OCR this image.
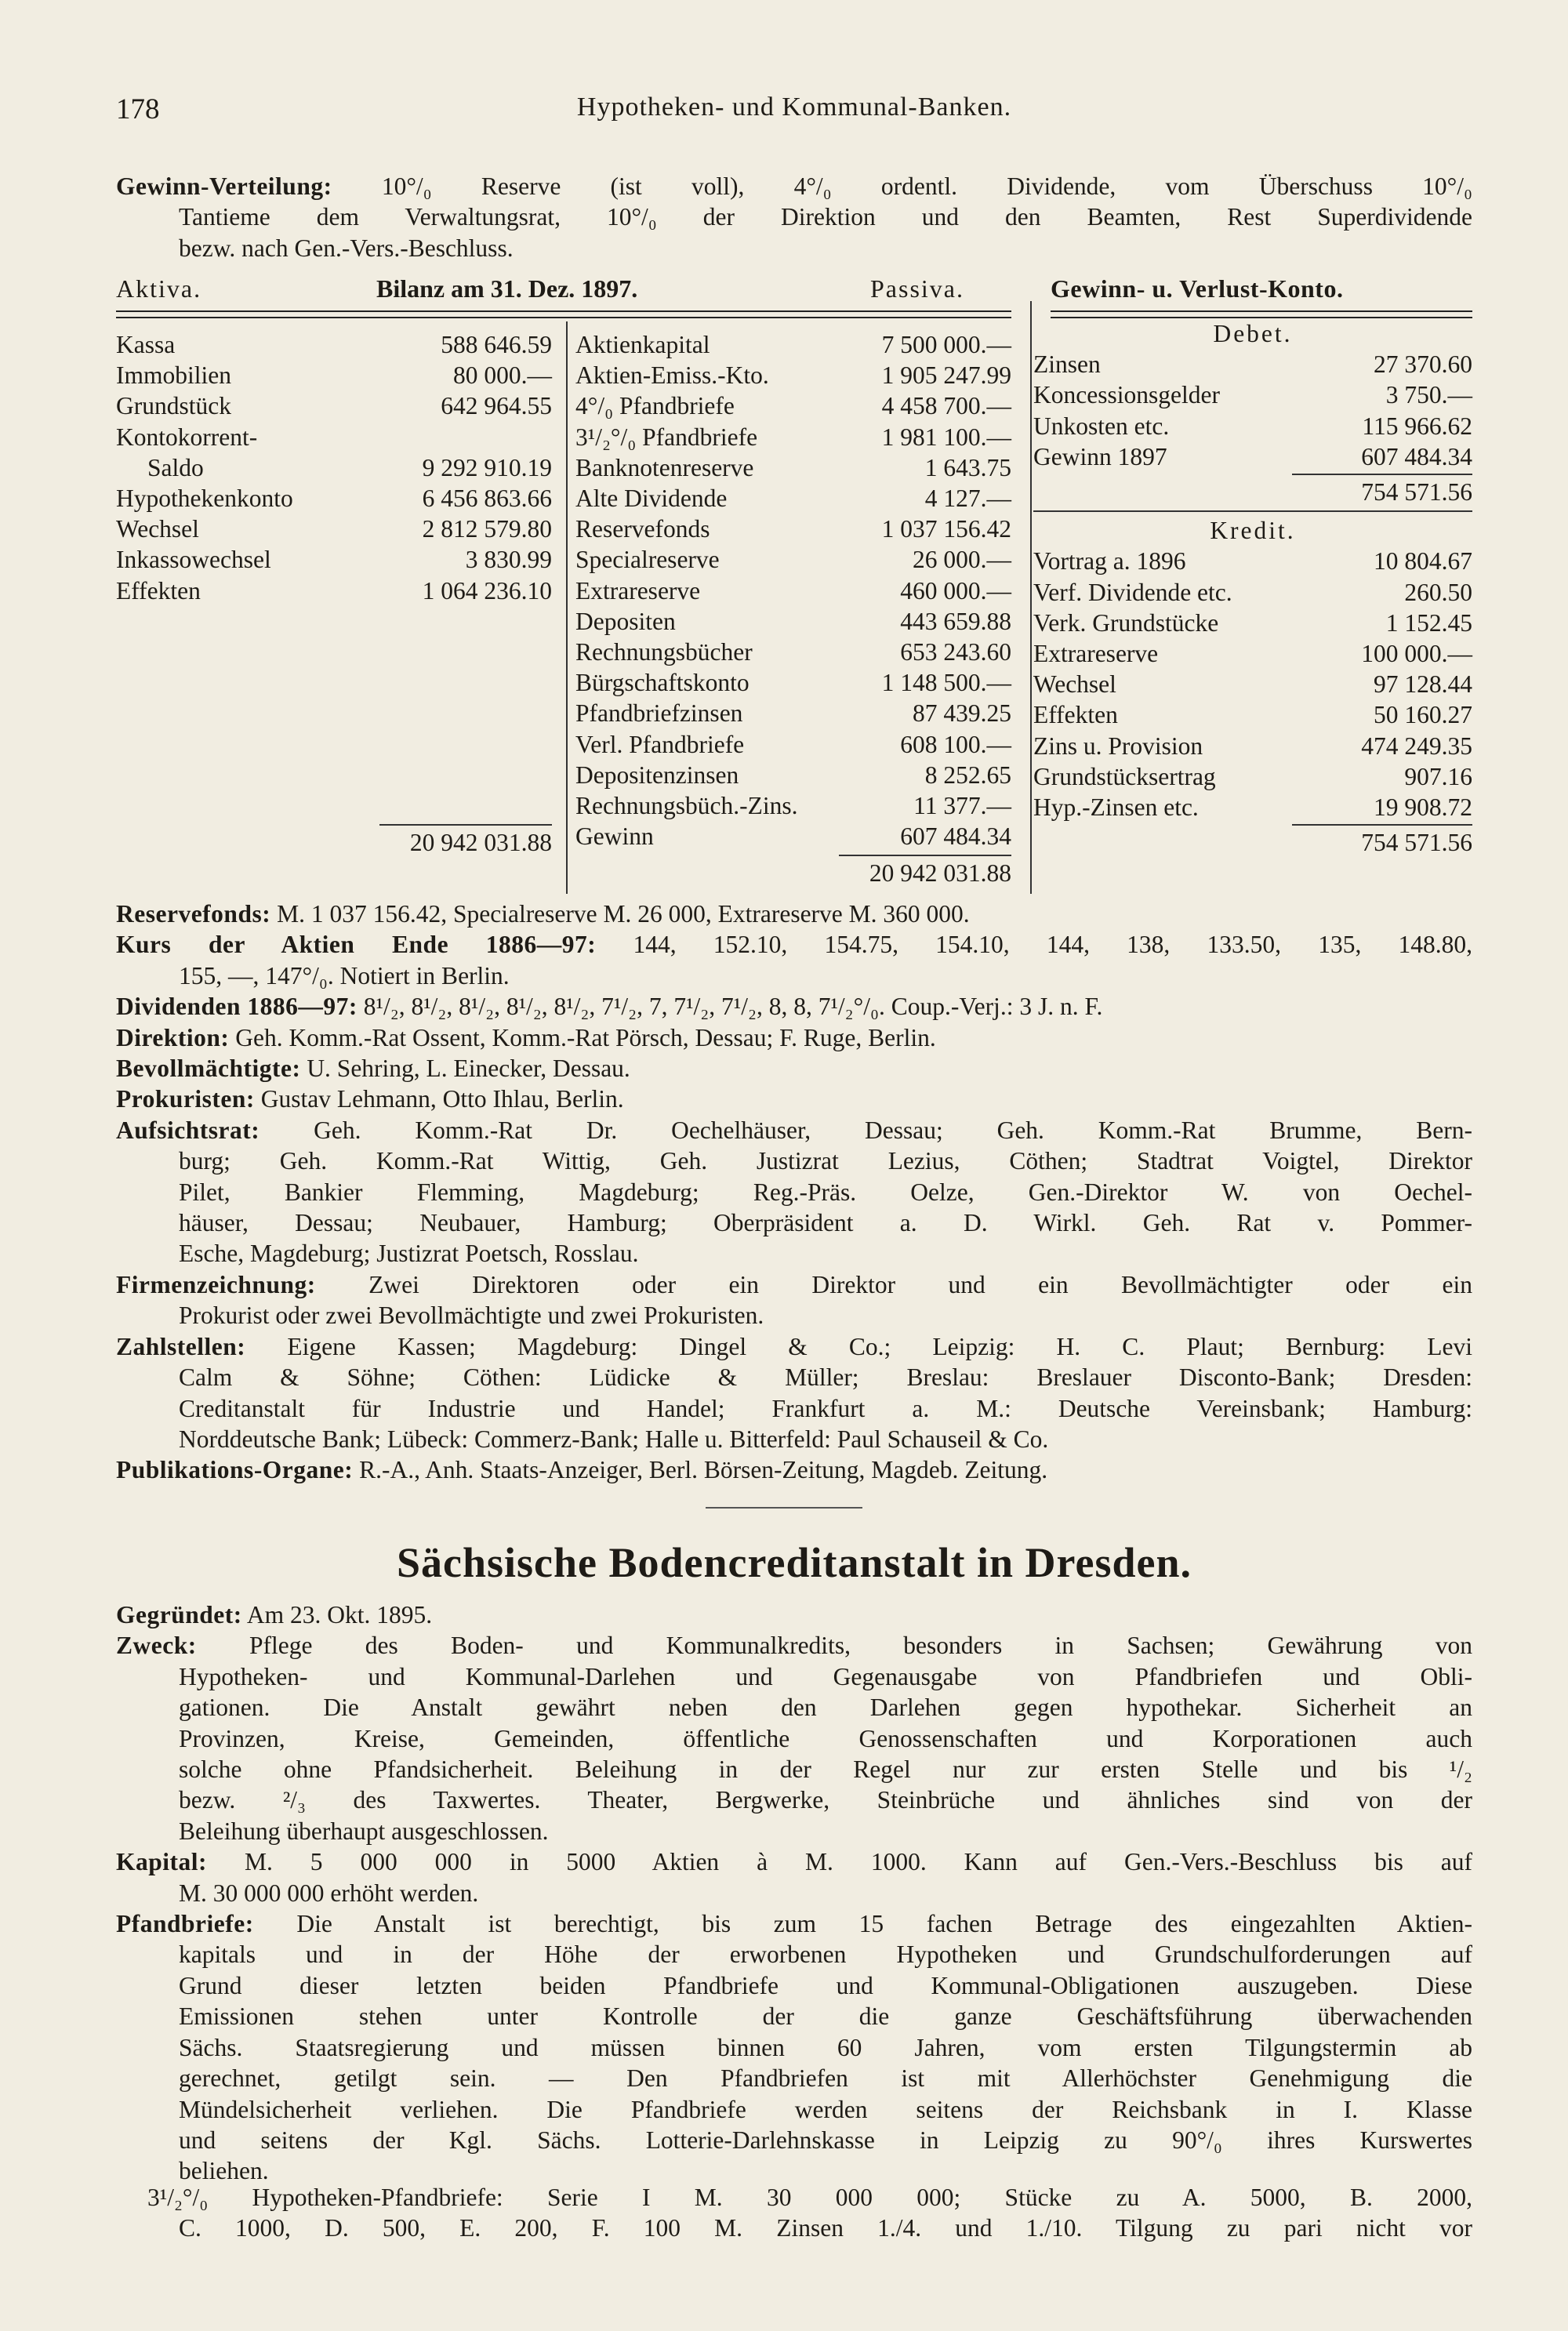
178	Hypotheken- und Kommunal-Banken.
Gewinn-Verteilung: 10°/₀ Reserve (ist voll), 4°/₀ ordentl. Dividende, vom Überschuss 10°/₀
Tantieme dem Verwaltungsrat, 10°/₀ der Direktion und den Beamten, Rest Superdividende
bezw. nach Gen.-Vers.-Beschluss.
Aktiva.	Bilanz am 31. Dez. 1897.	Passiva.	Gewinn- u. Verlust-Konto.
Kassa	588 646.59
Immobilien	80 000.—
Grundstück	642 964.55
Kontokorrent-
Saldo	9 292 910.19
Hypothekenkonto	6 456 863.66
Wechsel	2 812 579.80
Inkassowechsel	3 830.99
Effekten	1 064 236.10
20 942 031.88
Aktienkapital	7 500 000.—
Aktien-Emiss.-Kto.	1 905 247.99
4°/₀ Pfandbriefe	4 458 700.—
3¹/₂°/₀ Pfandbriefe	1 981 100.—
Banknotenreserve	1 643.75
Alte Dividende	4 127.—
Reservefonds	1 037 156.42
Specialreserve	26 000.—
Extrareserve	460 000.—
Depositen	443 659.88
Rechnungsbücher	653 243.60
Bürgschaftskonto	1 148 500.—
Pfandbriefzinsen	87 439.25
Verl. Pfandbriefe	608 100.—
Depositenzinsen	8 252.65
Rechnungsbüch.-Zins.	11 377.—
Gewinn	607 484.34
20 942 031.88
Debet.
Zinsen	27 370.60
Koncessionsgelder	3 750.—
Unkosten etc.	115 966.62
Gewinn 1897	607 484.34
754 571.56
Kredit.
Vortrag a. 1896	10 804.67
Verf. Dividende etc.	260.50
Verk. Grundstücke	1 152.45
Extrareserve	100 000.—
Wechsel	97 128.44
Effekten	50 160.27
Zins u. Provision	474 249.35
Grundstücksertrag	907.16
Hyp.-Zinsen etc.	19 908.72
754 571.56
Reservefonds: M. 1 037 156.42, Specialreserve M. 26 000, Extrareserve M. 360 000.
Kurs der Aktien Ende 1886—97: 144, 152.10, 154.75, 154.10, 144, 138, 133.50, 135, 148.80,
155, —, 147°/₀. Notiert in Berlin.
Dividenden 1886—97: 8¹/₂, 8¹/₂, 8¹/₂, 8¹/₂, 8¹/₂, 7¹/₂, 7, 7¹/₂, 7¹/₂, 8, 8, 7¹/₂°/₀. Coup.-Verj.: 3 J. n. F.
Direktion: Geh. Komm.-Rat Ossent, Komm.-Rat Pörsch, Dessau; F. Ruge, Berlin.
Bevollmächtigte: U. Sehring, L. Einecker, Dessau.
Prokuristen: Gustav Lehmann, Otto Ihlau, Berlin.
Aufsichtsrat: Geh. Komm.-Rat Dr. Oechelhäuser, Dessau; Geh. Komm.-Rat Brumme, Bern-
burg; Geh. Komm.-Rat Wittig, Geh. Justizrat Lezius, Cöthen; Stadtrat Voigtel, Direktor
Pilet, Bankier Flemming, Magdeburg; Reg.-Präs. Oelze, Gen.-Direktor W. von Oechel-
häuser, Dessau; Neubauer, Hamburg; Oberpräsident a. D. Wirkl. Geh. Rat v. Pommer-
Esche, Magdeburg; Justizrat Poetsch, Rosslau.
Firmenzeichnung: Zwei Direktoren oder ein Direktor und ein Bevollmächtigter oder ein
Prokurist oder zwei Bevollmächtigte und zwei Prokuristen.
Zahlstellen: Eigene Kassen; Magdeburg: Dingel & Co.; Leipzig: H. C. Plaut; Bernburg: Levi
Calm & Söhne; Cöthen: Lüdicke & Müller; Breslau: Breslauer Disconto-Bank; Dresden:
Creditanstalt für Industrie und Handel; Frankfurt a. M.: Deutsche Vereinsbank; Hamburg:
Norddeutsche Bank; Lübeck: Commerz-Bank; Halle u. Bitterfeld: Paul Schauseil & Co.
Publikations-Organe: R.-A., Anh. Staats-Anzeiger, Berl. Börsen-Zeitung, Magdeb. Zeitung.
Sächsische Bodencreditanstalt in Dresden.
Gegründet: Am 23. Okt. 1895.
Zweck: Pflege des Boden- und Kommunalkredits, besonders in Sachsen; Gewährung von
Hypotheken- und Kommunal-Darlehen und Gegenausgabe von Pfandbriefen und Obli-
gationen. Die Anstalt gewährt neben den Darlehen gegen hypothekar. Sicherheit an
Provinzen, Kreise, Gemeinden, öffentliche Genossenschaften und Korporationen auch
solche ohne Pfandsicherheit. Beleihung in der Regel nur zur ersten Stelle und bis ¹/₂
bezw. ²/₃ des Taxwertes. Theater, Bergwerke, Steinbrüche und ähnliches sind von der
Beleihung überhaupt ausgeschlossen.
Kapital: M. 5 000 000 in 5000 Aktien à M. 1000. Kann auf Gen.-Vers.-Beschluss bis auf
M. 30 000 000 erhöht werden.
Pfandbriefe: Die Anstalt ist berechtigt, bis zum 15 fachen Betrage des eingezahlten Aktien-
kapitals und in der Höhe der erworbenen Hypotheken und Grundschulforderungen auf
Grund dieser letzten beiden Pfandbriefe und Kommunal-Obligationen auszugeben. Diese
Emissionen stehen unter Kontrolle der die ganze Geschäftsführung überwachenden
Sächs. Staatsregierung und müssen binnen 60 Jahren, vom ersten Tilgungstermin ab
gerechnet, getilgt sein. — Den Pfandbriefen ist mit Allerhöchster Genehmigung die
Mündelsicherheit verliehen. Die Pfandbriefe werden seitens der Reichsbank in I. Klasse
und seitens der Kgl. Sächs. Lotterie-Darlehnskasse in Leipzig zu 90°/₀ ihres Kurswertes
beliehen.
3¹/₂°/₀ Hypotheken-Pfandbriefe: Serie I M. 30 000 000; Stücke zu A. 5000, B. 2000,
C. 1000, D. 500, E. 200, F. 100 M. Zinsen 1./4. und 1./10. Tilgung zu pari nicht vor
